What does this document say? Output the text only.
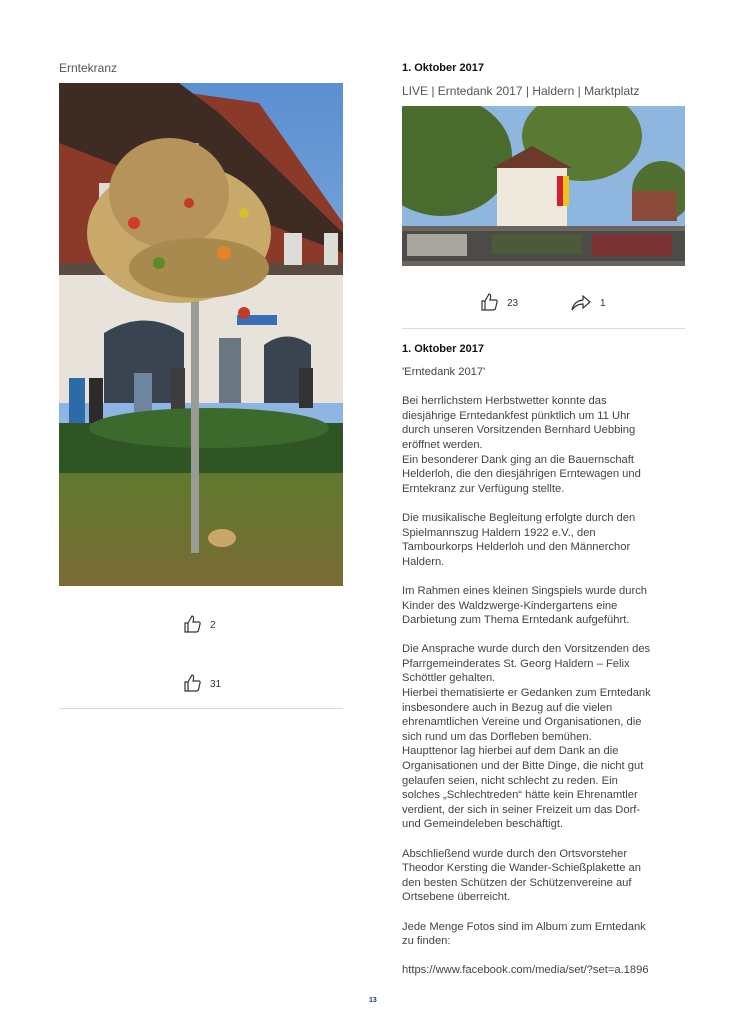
Erntekranz
2
31
1. Oktober 2017
LIVE | Erntedank 2017 | Haldern | Marktplatz
23	1
1. Oktober 2017

'Erntedank 2017'

Bei herrlichstem Herbstwetter konnte das
diesjährige Erntedankfest pünktlich um 11 Uhr
durch unseren Vorsitzenden Bernhard Uebbing
eröffnet werden.
Ein besonderer Dank ging an die Bauernschaft
Helderloh, die den diesjährigen Erntewagen und
Erntekranz zur Verfügung stellte.

Die musikalische Begleitung erfolgte durch den
Spielmannszug Haldern 1922 e.V., den
Tambourkorps Helderloh und den Männerchor
Haldern.

Im Rahmen eines kleinen Singspiels wurde durch
Kinder des Waldzwerge-Kindergartens eine
Darbietung zum Thema Erntedank aufgeführt.

Die Ansprache wurde durch den Vorsitzenden des
Pfarrgemeinderates St. Georg Haldern – Felix
Schöttler gehalten.
Hierbei thematisierte er Gedanken zum Erntedank
insbesondere auch in Bezug auf die vielen
ehrenamtlichen Vereine und Organisationen, die
sich rund um das Dorfleben bemühen.
Haupttenor lag hierbei auf dem Dank an die
Organisationen und der Bitte Dinge, die nicht gut
gelaufen seien, nicht schlecht zu reden. Ein
solches „Schlechtreden“ hätte kein Ehrenamtler
verdient, der sich in seiner Freizeit um das Dorf-
und Gemeindeleben beschäftigt.

Abschließend wurde durch den Ortsvorsteher
Theodor Kersting die Wander-Schießplakette an
den besten Schützen der Schützenvereine auf
Ortsebene überreicht.

Jede Menge Fotos sind im Album zum Erntedank
zu finden:

https://www.facebook.com/media/set/?set=a.1896

13
